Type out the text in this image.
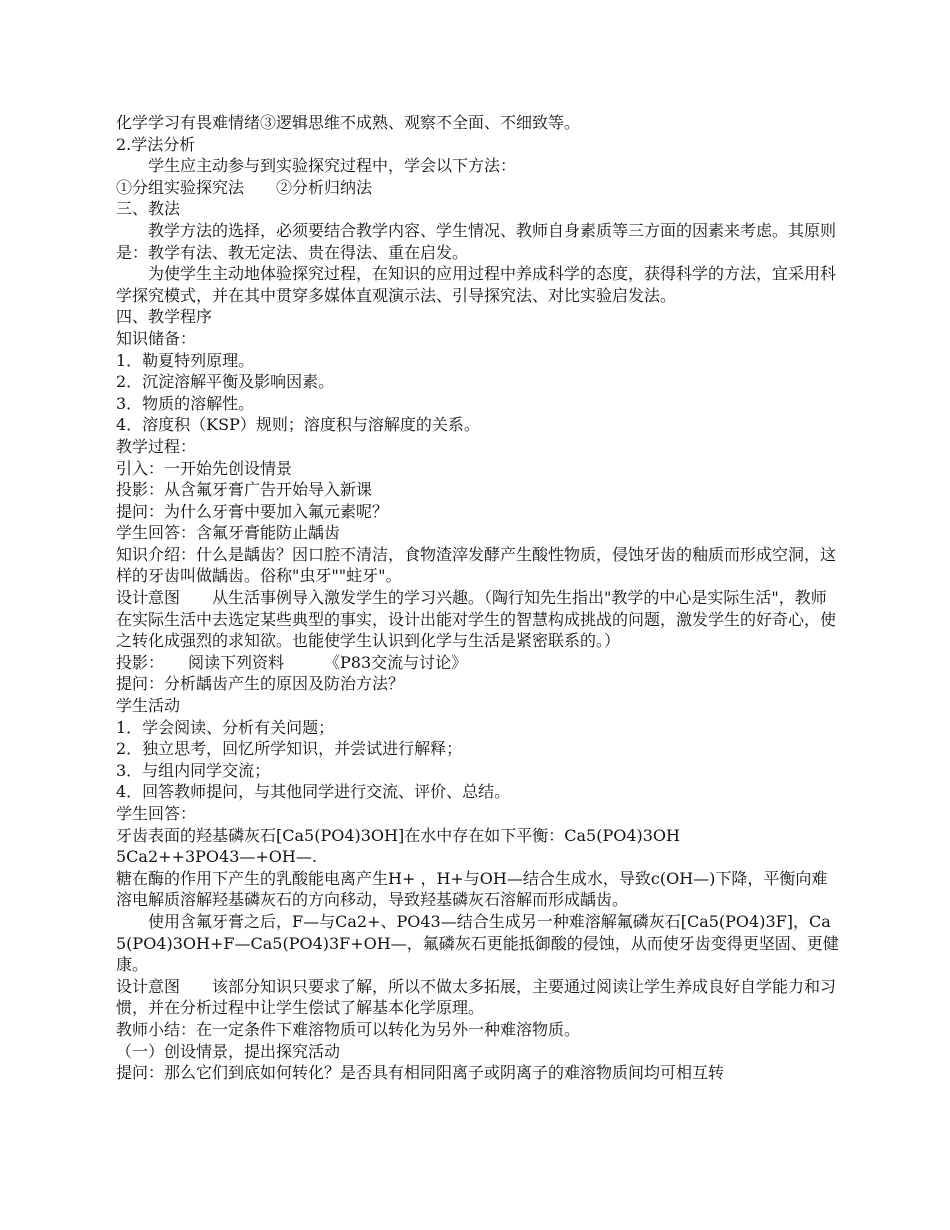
化学学习有畏难情绪③逻辑思维不成熟、观察不全面、不细致等。
2.学法分析
学生应主动参与到实验探究过程中，学会以下方法：
①分组实验探究法　　②分析归纳法
三、教法
教学方法的选择，必须要结合教学内容、学生情况、教师自身素质等三方面的因素来考虑。其原则是：教学有法、教无定法、贵在得法、重在启发。
为使学生主动地体验探究过程，在知识的应用过程中养成科学的态度，获得科学的方法，宜采用科学探究模式，并在其中贯穿多媒体直观演示法、引导探究法、对比实验启发法。
四、教学程序
知识储备：
1．勒夏特列原理。
2．沉淀溶解平衡及影响因素。
3．物质的溶解性。
4．溶度积（KSP）规则；溶度积与溶解度的关系。
教学过程：
引入：一开始先创设情景
投影：从含氟牙膏广告开始导入新课
提问：为什么牙膏中要加入氟元素呢？
学生回答：含氟牙膏能防止龋齿
知识介绍：什么是龋齿？因口腔不清洁，食物渣滓发酵产生酸性物质，侵蚀牙齿的釉质而形成空洞，这样的牙齿叫做龋齿。俗称"虫牙""蛀牙"。
设计意图　　从生活事例导入激发学生的学习兴趣。（陶行知先生指出"教学的中心是实际生活"，教师在实际生活中去选定某些典型的事实，设计出能对学生的智慧构成挑战的问题，激发学生的好奇心，使之转化成强烈的求知欲。也能使学生认识到化学与生活是紧密联系的。）
投影：　　阅读下列资料　　　《P83交流与讨论》
提问：分析龋齿产生的原因及防治方法？
学生活动
1．学会阅读、分析有关问题；
2．独立思考，回忆所学知识，并尝试进行解释；
3．与组内同学交流；
4．回答教师提问，与其他同学进行交流、评价、总结。
学生回答：
牙齿表面的羟基磷灰石[Ca5(PO4)3OH]在水中存在如下平衡：Ca5(PO4)3OH
5Ca2++3PO43—+OH—.
糖在酶的作用下产生的乳酸能电离产生H+ ，H+与OH—结合生成水，导致c(OH—)下降，平衡向难溶电解质溶解羟基磷灰石的方向移动，导致羟基磷灰石溶解而形成龋齿。
使用含氟牙膏之后，F—与Ca2+、PO43—结合生成另一种难溶解氟磷灰石[Ca5(PO4)3F]，Ca5(PO4)3OH+F—Ca5(PO4)3F+OH—，氟磷灰石更能抵御酸的侵蚀，从而使牙齿变得更坚固、更健康。
设计意图　　该部分知识只要求了解，所以不做太多拓展，主要通过阅读让学生养成良好自学能力和习惯，并在分析过程中让学生偿试了解基本化学原理。
教师小结：在一定条件下难溶物质可以转化为另外一种难溶物质。
（一）创设情景，提出探究活动
提问：那么它们到底如何转化？是否具有相同阳离子或阴离子的难溶物质间均可相互转
